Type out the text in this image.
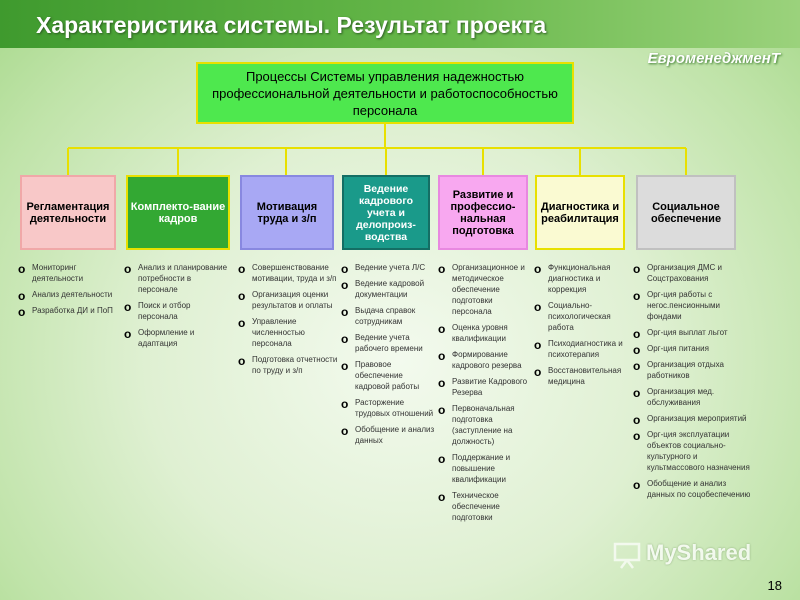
Характеристика системы. Результат проекта
ЕвроменеджменТ
Процессы Системы управления надежностью профессиональной деятельности и работоспособностью персонала
Регламентация деятельности
Комплекто-вание кадров
Мотивация труда и з/п
Ведение кадрового учета и делопроиз-водства
Развитие и профессио-нальная подготовка
Диагностика и реабилитация
Социальное обеспечение
о Мониторинг деятельности
о Анализ деятельности
о Разработка ДИ и ПоП
о Анализ и планирование потребности в персонале
о Поиск и отбор персонала
о Оформление и адаптация
о Совершенствование мотивации, труда и з/п
о Организация оценки результатов и оплаты
о Управление численностью персонала
о Подготовка отчетности по труду и з/п
о Ведение учета Л/С
о Ведение кадровой документации
о Выдача справок сотрудникам
о Ведение учета рабочего времени
о Правовое обеспечение кадровой работы
о Расторжение трудовых отношений
о Обобщение и анализ данных
о Организационное и методическое обеспечение подготовки персонала
о Оценка уровня квалификации
о Формирование кадрового резерва
о Развитие Кадрового Резерва
о Первоначальная подготовка (заступление на должность)
о Поддержание и повышение квалификации
о Техническое обеспечение подготовки
о Функциональная диагностика и коррекция
о Социально-психологическая работа
о Психодиагностика и психотерапия
о Восстановительная медицина
о Организация ДМС и Соцстрахования
о Орг-ция работы с негос.пенсионными фондами
о Орг-ция выплат льгот
о Орг-ция питания
о Организация отдыха работников
о Организация мед. обслуживания
о Организация мероприятий
о Орг-ция эксплуатации объектов социально-культурного и культмассового назначения
о Обобщение и анализ данных по соцобеспечению
MyShared
18
